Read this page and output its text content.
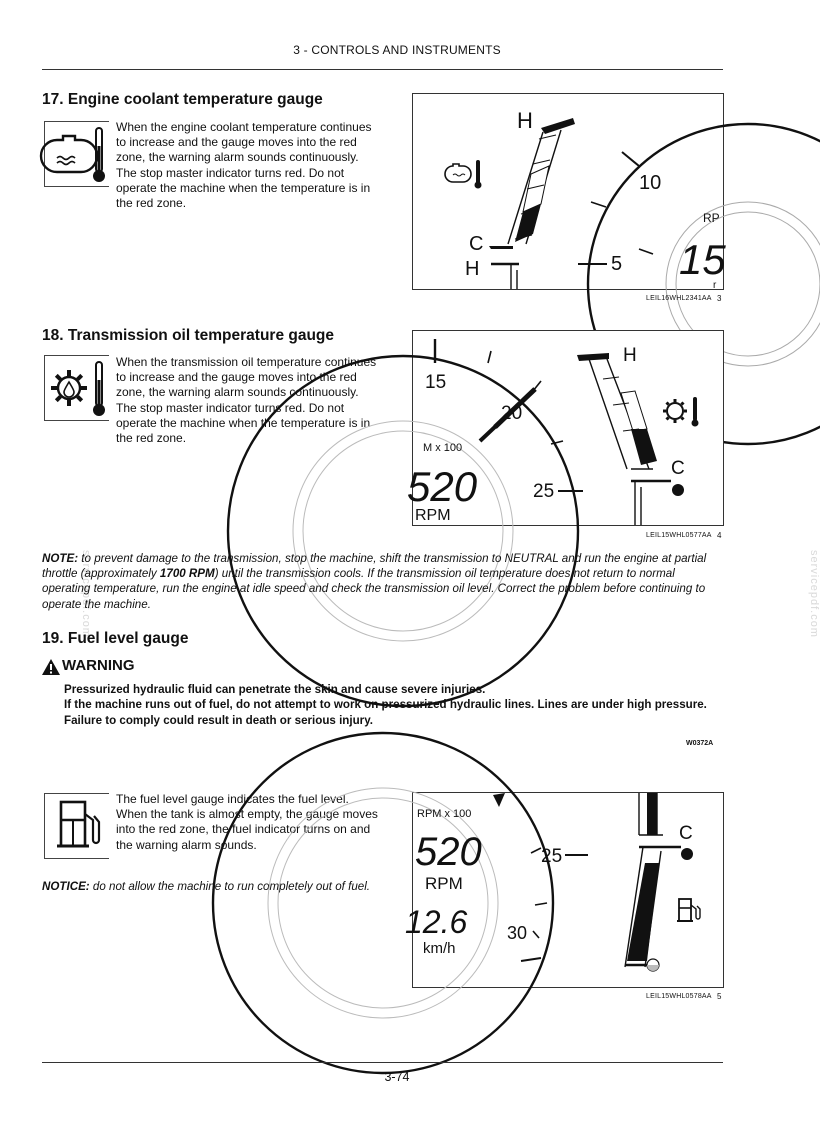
3 - CONTROLS AND INSTRUMENTS
servicepdf.com	servicepdf.com
17. Engine coolant temperature gauge
When the engine coolant temperature continues to increase and the gauge moves into the red zone, the warning alarm sounds continuously. The stop master indicator turns red. Do not operate the machine when the temperature is in the red zone.
H
C
H
10
5
RP
15
r
LEIL16WHL2341AA 3
18. Transmission oil temperature gauge
When the transmission oil temperature continues to increase and the gauge moves into the red zone, the warning alarm sounds continuously. The stop master indicator turns red. Do not operate the machine when the temperature is in the red zone.
15
20
25
M x 100
520
RPM
H
C
LEIL15WHL0577AA 4
NOTE: to prevent damage to the transmission, stop the machine, shift the transmission to NEUTRAL and run the engine at partial throttle (approximately 1700 RPM) until the transmission cools. If the transmission oil temperature does not return to normal operating temperature, run the engine at idle speed and check the transmission oil level. Correct the problem before continuing to operate the machine.
19. Fuel level gauge
WARNING
Pressurized hydraulic fluid can penetrate the skin and cause severe injuries.
If the machine runs out of fuel, do not attempt to work on pressurized hydraulic lines. Lines are under high pressure.
Failure to comply could result in death or serious injury.
W0372A
The fuel level gauge indicates the fuel level. When the tank is almost empty, the gauge moves into the red zone, the fuel indicator turns on and the warning alarm sounds.
NOTICE: do not allow the machine to run completely out of fuel.
RPM x 100
520
RPM
25
12.6
km/h
30
C
LEIL15WHL0578AA 5
3-74
